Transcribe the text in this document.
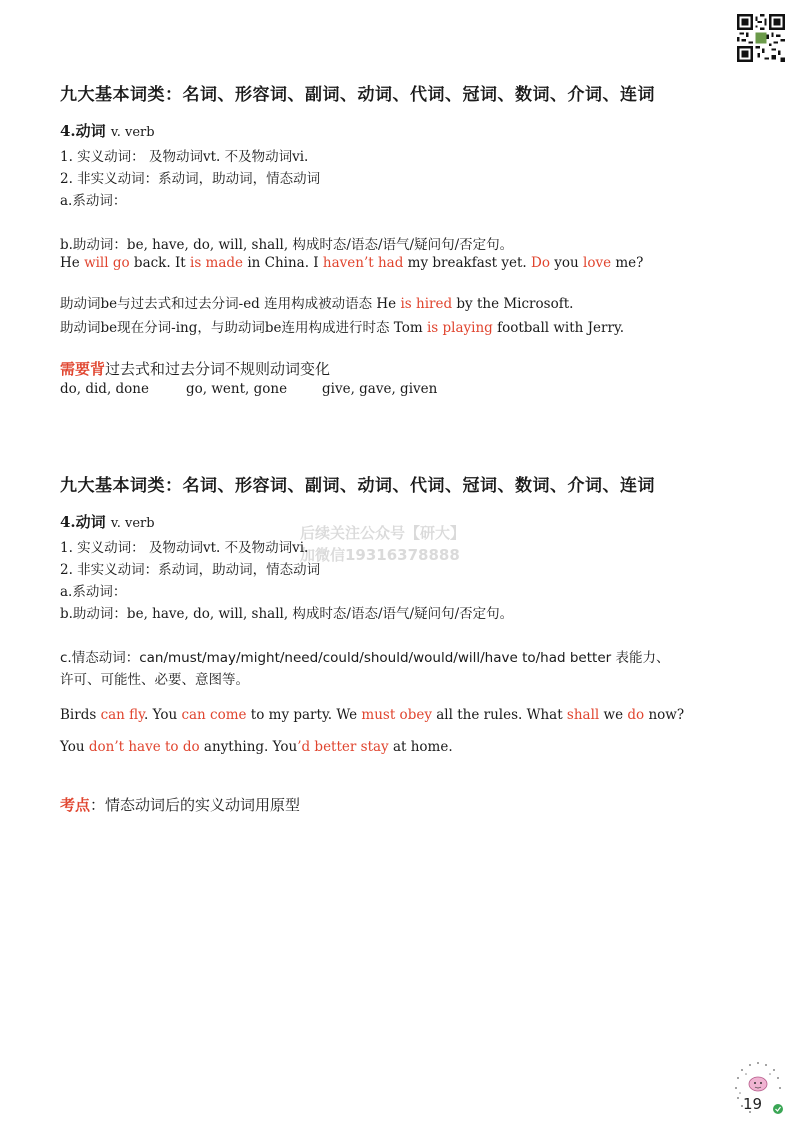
九大基本词类：名词、形容词、副词、动词、代词、冠词、数词、介词、连词
4.动词 v. verb
1. 实义动词： 及物动词vt. 不及物动词vi.
2. 非实义动词：系动词，助动词，情态动词
a.系动词：
b.助动词：be, have, do, will, shall, 构成时态/语态/语气/疑问句/否定句。
He will go back. It is made in China. I haven’t had my breakfast yet. Do you love me?
助动词be与过去式和过去分词-ed 连用构成被动语态 He is hired by the Microsoft.
助动词be现在分词-ing，与助动词be连用构成进行时态 Tom is playing football with Jerry.
需要背过去式和过去分词不规则动词变化
do, did, done	go, went, gone	give, gave, given
后续关注公众号【研大】
加微信19316378888
九大基本词类：名词、形容词、副词、动词、代词、冠词、数词、介词、连词
4.动词 v. verb
1. 实义动词： 及物动词vt. 不及物动词vi.
2. 非实义动词：系动词，助动词，情态动词
a.系动词：
b.助动词：be, have, do, will, shall, 构成时态/语态/语气/疑问句/否定句。
c.情态动词：can/must/may/might/need/could/should/would/will/have to/had better 表能力、
许可、可能性、必要、意图等。
Birds can fly. You can come to my party. We must obey all the rules. What shall we do now?
You don’t have to do anything. You’d better stay at home.
考点：情态动词后的实义动词用原型
19
